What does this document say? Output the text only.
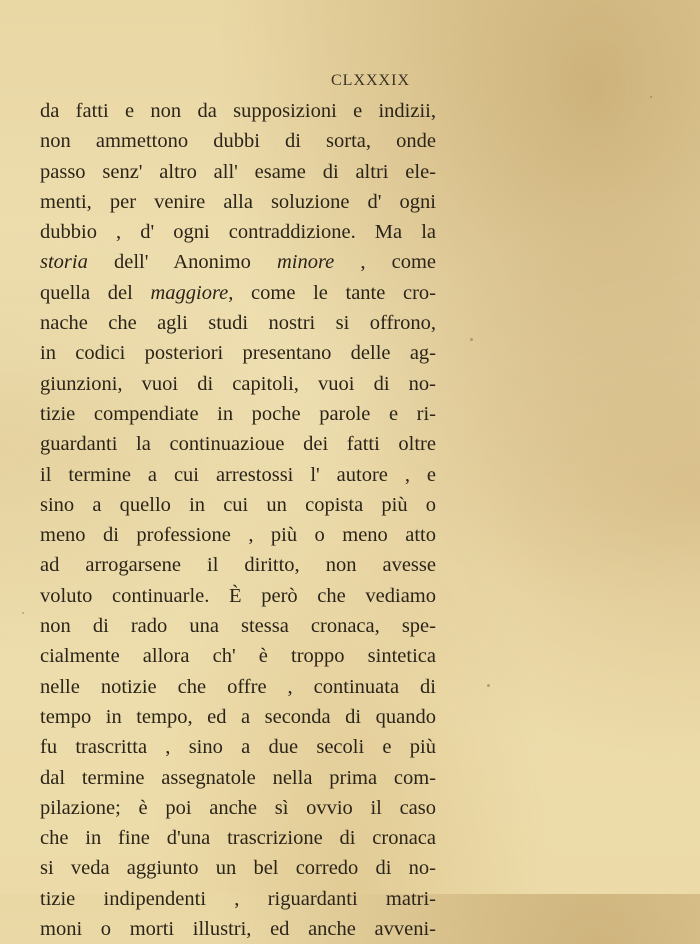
CLXXXIX
da fatti e non da supposizioni e indizii,
non ammettono dubbi di sorta, onde
passo senz' altro all' esame di altri ele-
menti, per venire alla soluzione d' ogni
dubbio , d' ogni contraddizione. Ma la
storia dell' Anonimo minore , come
quella del maggiore, come le tante cro-
nache che agli studi nostri si offrono,
in codici posteriori presentano delle ag-
giunzioni, vuoi di capitoli, vuoi di no-
tizie compendiate in poche parole e ri-
guardanti la continuazioue dei fatti oltre
il termine a cui arrestossi l' autore , e
sino a quello in cui un copista più o
meno di professione , più o meno atto
ad arrogarsene il diritto, non avesse
voluto continuarle. È però che vediamo
non di rado una stessa cronaca, spe-
cialmente allora ch' è troppo sintetica
nelle notizie che offre , continuata di
tempo in tempo, ed a seconda di quando
fu trascritta , sino a due secoli e più
dal termine assegnatole nella prima com-
pilazione; è poi anche sì ovvio il caso
che in fine d'una trascrizione di cronaca
si veda aggiunto un bel corredo di no-
tizie indipendenti , riguardanti matri-
moni o morti illustri, ed anche avveni-
